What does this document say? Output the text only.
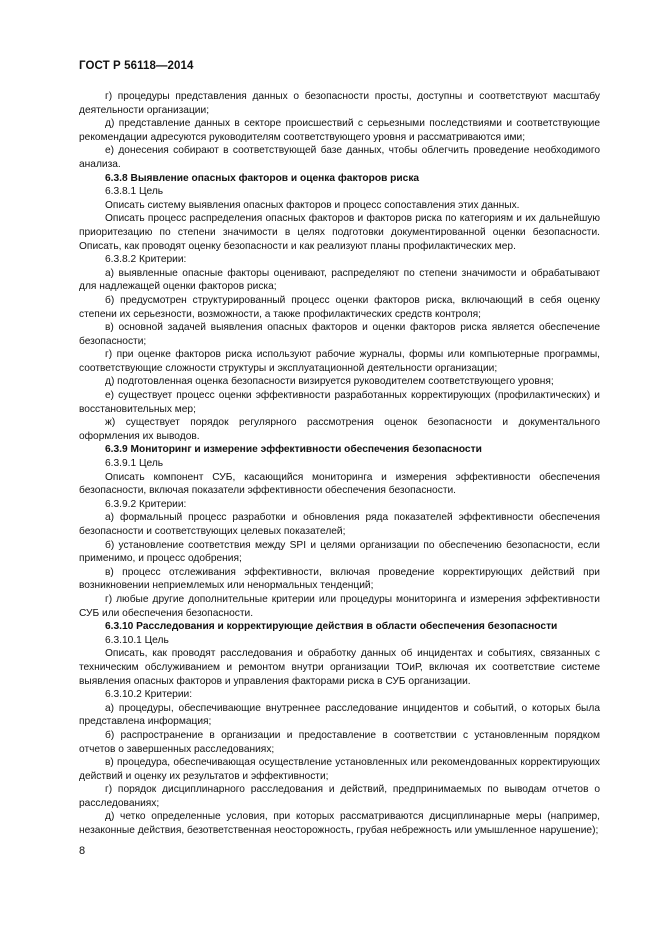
ГОСТ Р 56118—2014

г) процедуры представления данных о безопасности просты, доступны и соответствуют масштабу деятельности организации;

д) представление данных в секторе происшествий с серьезными последствиями и соответствующие рекомендации адресуются руководителям соответствующего уровня и рассматриваются ими;

е) донесения собирают в соответствующей базе данных, чтобы облегчить проведение необходимого анализа.

6.3.8 Выявление опасных факторов и оценка факторов риска

6.3.8.1 Цель

Описать систему выявления опасных факторов и процесс сопоставления этих данных.

Описать процесс распределения опасных факторов и факторов риска по категориям и их дальнейшую приоритезацию по степени значимости в целях подготовки документированной оценки безопасности. Описать, как проводят оценку безопасности и как реализуют планы профилактических мер.

6.3.8.2 Критерии:

а) выявленные опасные факторы оценивают, распределяют по степени значимости и обрабатывают для надлежащей оценки факторов риска;

б) предусмотрен структурированный процесс оценки факторов риска, включающий в себя оценку степени их серьезности, возможности, а также профилактических средств контроля;

в) основной задачей выявления опасных факторов и оценки факторов риска является обеспечение безопасности;

г) при оценке факторов риска используют рабочие журналы, формы или компьютерные программы, соответствующие сложности структуры и эксплуатационной деятельности организации;

д) подготовленная оценка безопасности визируется руководителем соответствующего уровня;

е) существует процесс оценки эффективности разработанных корректирующих (профилактических) и восстановительных мер;

ж) существует порядок регулярного рассмотрения оценок безопасности и документального оформления их выводов.

6.3.9 Мониторинг и измерение эффективности обеспечения безопасности

6.3.9.1 Цель

Описать компонент СУБ, касающийся мониторинга и измерения эффективности обеспечения безопасности, включая показатели эффективности обеспечения безопасности.

6.3.9.2 Критерии:

а) формальный процесс разработки и обновления ряда показателей эффективности обеспечения безопасности и соответствующих целевых показателей;

б) установление соответствия между SPI и целями организации по обеспечению безопасности, если применимо, и процесс одобрения;

в) процесс отслеживания эффективности, включая проведение корректирующих действий при возникновении неприемлемых или ненормальных тенденций;

г) любые другие дополнительные критерии или процедуры мониторинга и измерения эффективности СУБ или обеспечения безопасности.

6.3.10 Расследования и корректирующие действия в области обеспечения безопасности

6.3.10.1 Цель

Описать, как проводят расследования и обработку данных об инцидентах и событиях, связанных с техническим обслуживанием и ремонтом внутри организации ТОиР, включая их соответствие системе выявления опасных факторов и управления факторами риска в СУБ организации.

6.3.10.2 Критерии:

а) процедуры, обеспечивающие внутреннее расследование инцидентов и событий, о которых была представлена информация;

б) распространение в организации и предоставление в соответствии с установленным порядком отчетов о завершенных расследованиях;

в) процедура, обеспечивающая осуществление установленных или рекомендованных корректирующих действий и оценку их результатов и эффективности;

г) порядок дисциплинарного расследования и действий, предпринимаемых по выводам отчетов о расследованиях;

д) четко определенные условия, при которых рассматриваются дисциплинарные меры (например, незаконные действия, безответственная неосторожность, грубая небрежность или умышленное нарушение);

8
